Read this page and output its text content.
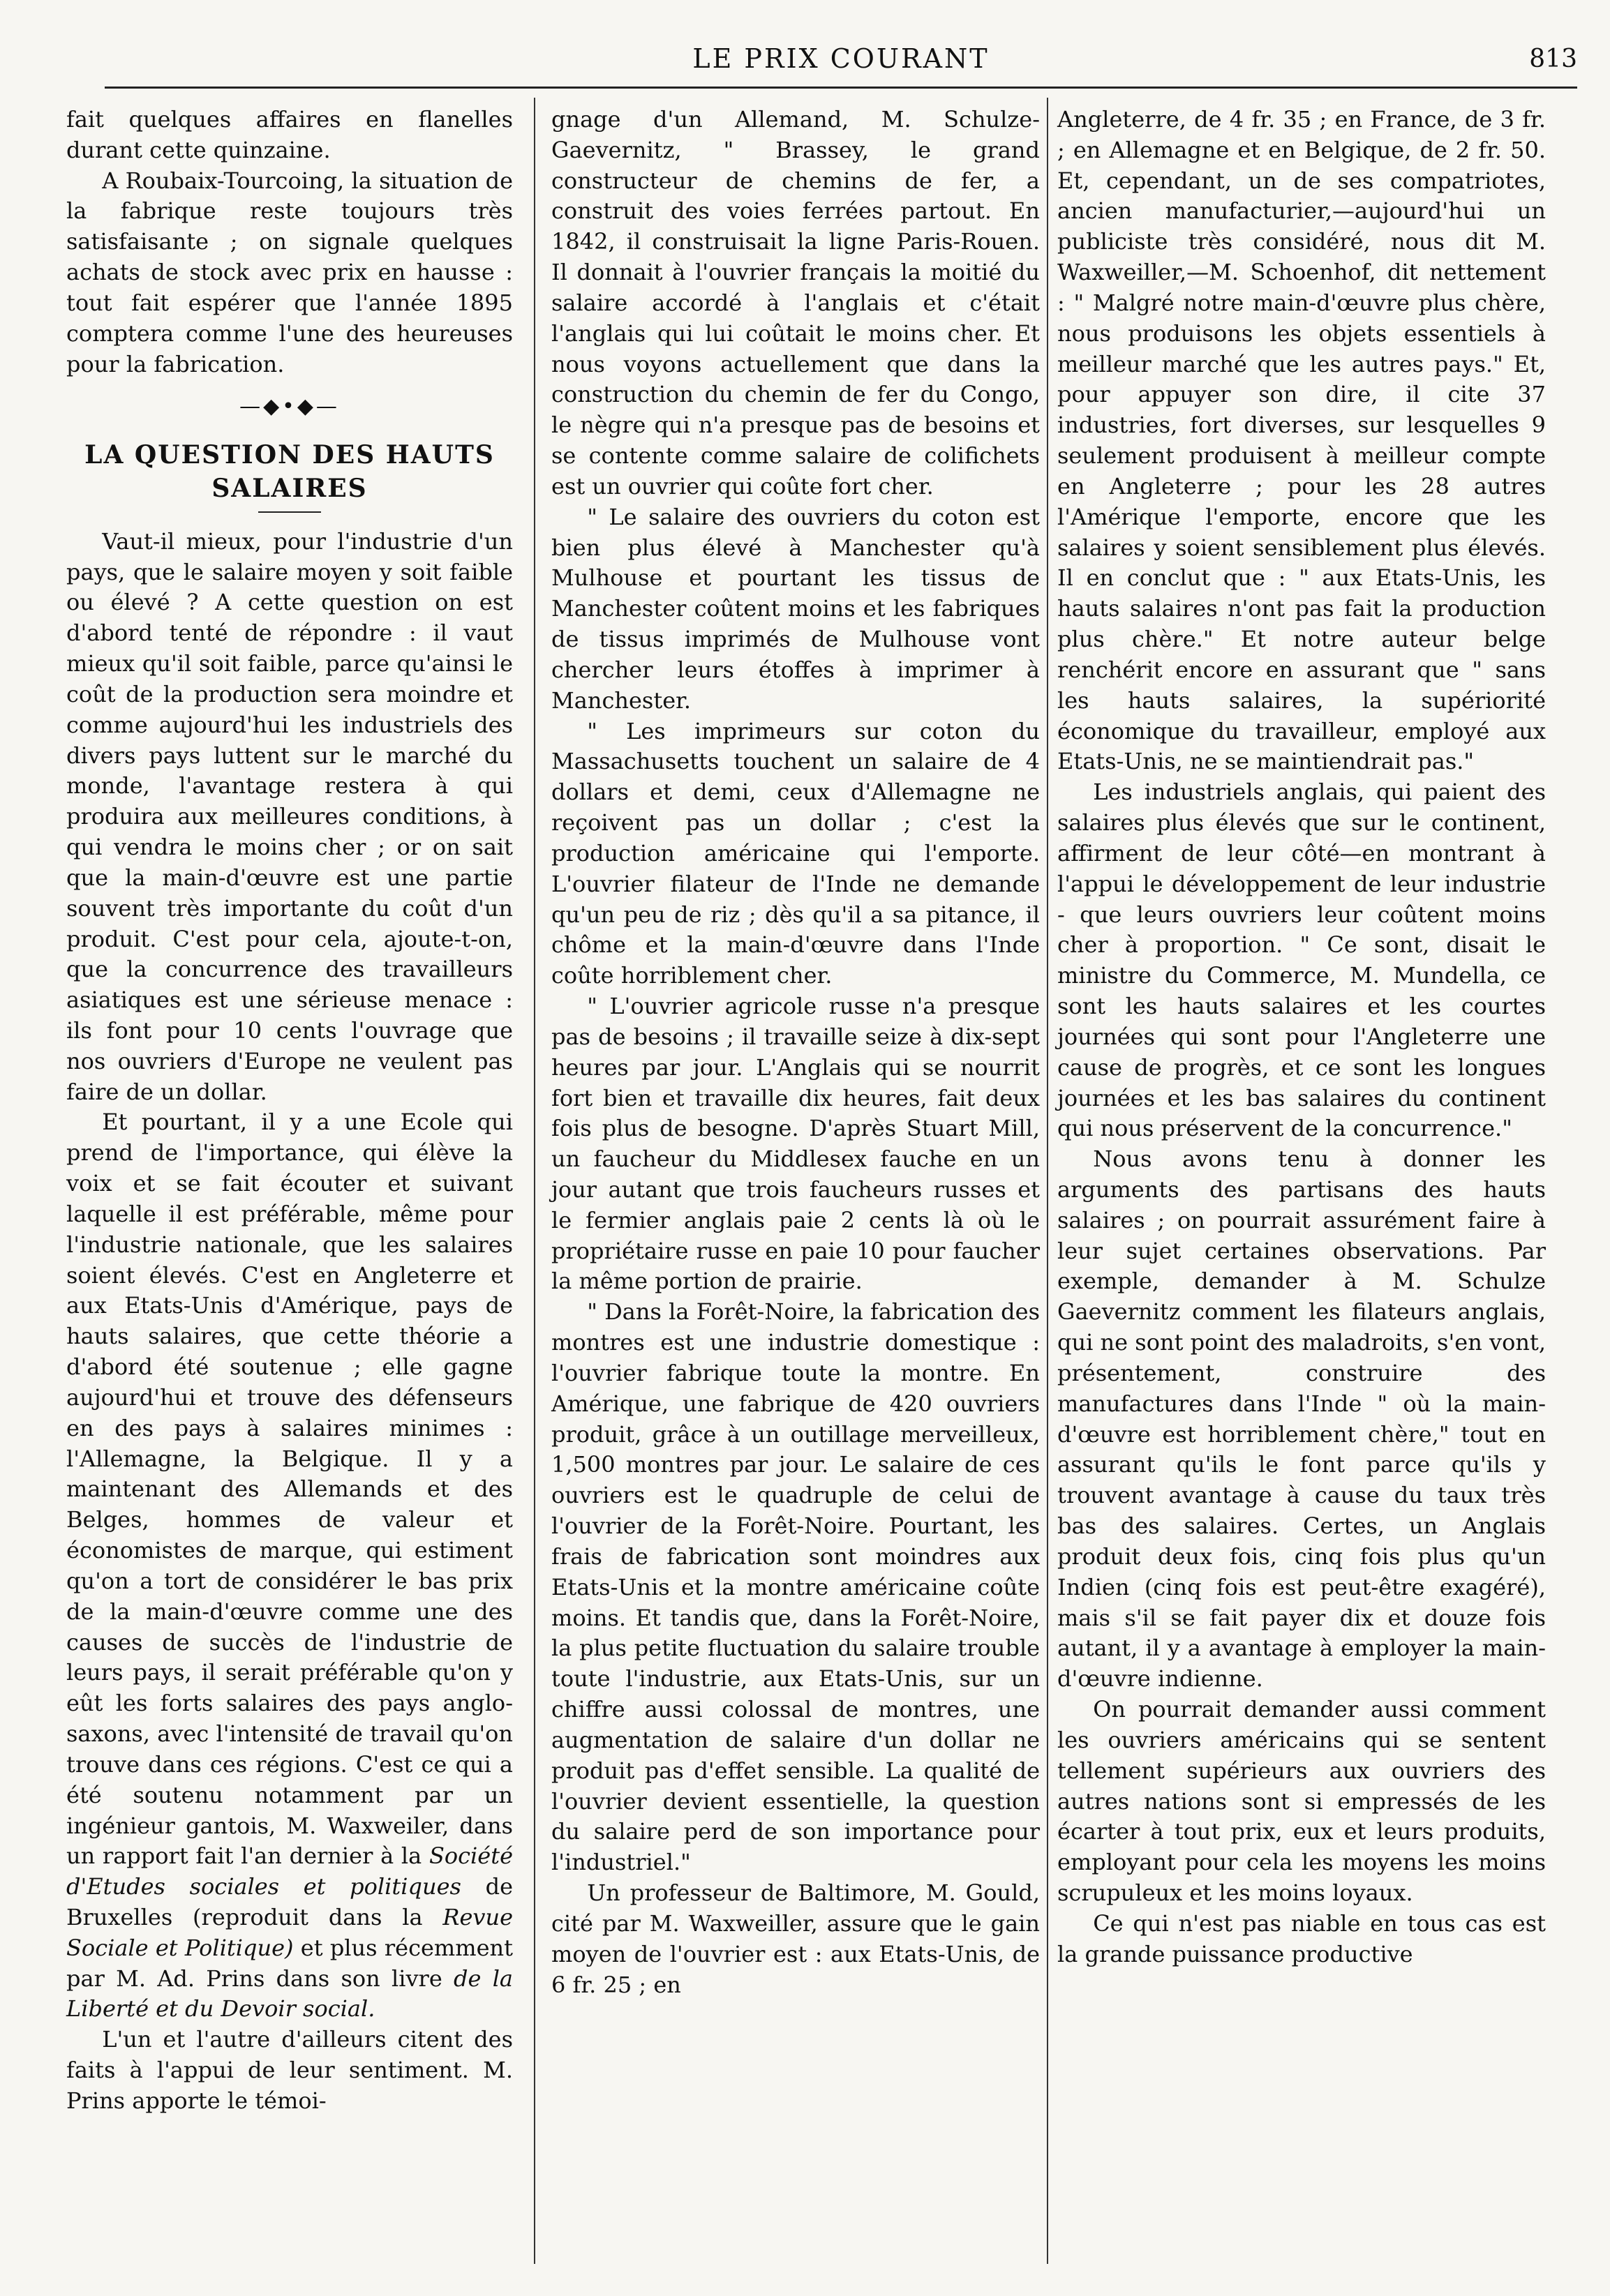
LE PRIX COURANT	813

fait quelques affaires en flanelles durant cette quinzaine.

A Roubaix-Tourcoing, la situation de la fabrique reste toujours très satisfaisante ; on signale quelques achats de stock avec prix en hausse : tout fait espérer que l'année 1895 comptera comme l'une des heureuses pour la fabrication.

—◆•◆—
LA QUESTION DES HAUTS SALAIRES

Vaut-il mieux, pour l'industrie d'un pays, que le salaire moyen y soit faible ou élevé ? A cette question on est d'abord tenté de répondre : il vaut mieux qu'il soit faible, parce qu'ainsi le coût de la production sera moindre et comme aujourd'hui les industriels des divers pays luttent sur le marché du monde, l'avantage restera à qui produira aux meilleures conditions, à qui vendra le moins cher ; or on sait que la main-d'œuvre est une partie souvent très importante du coût d'un produit. C'est pour cela, ajoute-t-on, que la concurrence des travailleurs asiatiques est une sérieuse menace : ils font pour 10 cents l'ouvrage que nos ouvriers d'Europe ne veulent pas faire de un dollar.

Et pourtant, il y a une Ecole qui prend de l'importance, qui élève la voix et se fait écouter et suivant laquelle il est préférable, même pour l'industrie nationale, que les salaires soient élevés. C'est en Angleterre et aux Etats-Unis d'Amérique, pays de hauts salaires, que cette théorie a d'abord été soutenue ; elle gagne aujourd'hui et trouve des défenseurs en des pays à salaires minimes : l'Allemagne, la Belgique. Il y a maintenant des Allemands et des Belges, hommes de valeur et économistes de marque, qui estiment qu'on a tort de considérer le bas prix de la main-d'œuvre comme une des causes de succès de l'industrie de leurs pays, il serait préférable qu'on y eût les forts salaires des pays anglo-saxons, avec l'intensité de travail qu'on trouve dans ces régions. C'est ce qui a été soutenu notamment par un ingénieur gantois, M. Waxweiler, dans un rapport fait l'an dernier à la Société d'Etudes sociales et politiques de Bruxelles (reproduit dans la Revue Sociale et Politique) et plus récemment par M. Ad. Prins dans son livre de la Liberté et du Devoir social.

L'un et l'autre d'ailleurs citent des faits à l'appui de leur sentiment. M. Prins apporte le témoi-

gnage d'un Allemand, M. Schulze-Gaevernitz, " Brassey, le grand constructeur de chemins de fer, a construit des voies ferrées partout. En 1842, il construisait la ligne Paris-Rouen. Il donnait à l'ouvrier français la moitié du salaire accordé à l'anglais et c'était l'anglais qui lui coûtait le moins cher. Et nous voyons actuellement que dans la construction du chemin de fer du Congo, le nègre qui n'a presque pas de besoins et se contente comme salaire de colifichets est un ouvrier qui coûte fort cher.

" Le salaire des ouvriers du coton est bien plus élevé à Manchester qu'à Mulhouse et pourtant les tissus de Manchester coûtent moins et les fabriques de tissus imprimés de Mulhouse vont chercher leurs étoffes à imprimer à Manchester.

" Les imprimeurs sur coton du Massachusetts touchent un salaire de 4 dollars et demi, ceux d'Allemagne ne reçoivent pas un dollar ; c'est la production américaine qui l'emporte. L'ouvrier filateur de l'Inde ne demande qu'un peu de riz ; dès qu'il a sa pitance, il chôme et la main-d'œuvre dans l'Inde coûte horriblement cher.

" L'ouvrier agricole russe n'a presque pas de besoins ; il travaille seize à dix-sept heures par jour. L'Anglais qui se nourrit fort bien et travaille dix heures, fait deux fois plus de besogne. D'après Stuart Mill, un faucheur du Middlesex fauche en un jour autant que trois faucheurs russes et le fermier anglais paie 2 cents là où le propriétaire russe en paie 10 pour faucher la même portion de prairie.

" Dans la Forêt-Noire, la fabrication des montres est une industrie domestique : l'ouvrier fabrique toute la montre. En Amérique, une fabrique de 420 ouvriers produit, grâce à un outillage merveilleux, 1,500 montres par jour. Le salaire de ces ouvriers est le quadruple de celui de l'ouvrier de la Forêt-Noire. Pourtant, les frais de fabrication sont moindres aux Etats-Unis et la montre américaine coûte moins. Et tandis que, dans la Forêt-Noire, la plus petite fluctuation du salaire trouble toute l'industrie, aux Etats-Unis, sur un chiffre aussi colossal de montres, une augmentation de salaire d'un dollar ne produit pas d'effet sensible. La qualité de l'ouvrier devient essentielle, la question du salaire perd de son importance pour l'industriel."

Un professeur de Baltimore, M. Gould, cité par M. Waxweiller, assure que le gain moyen de l'ouvrier est : aux Etats-Unis, de 6 fr. 25 ; en

Angleterre, de 4 fr. 35 ; en France, de 3 fr. ; en Allemagne et en Belgique, de 2 fr. 50. Et, cependant, un de ses compatriotes, ancien manufacturier,—aujourd'hui un publiciste très considéré, nous dit M. Waxweiller,—M. Schoenhof, dit nettement : " Malgré notre main-d'œuvre plus chère, nous produisons les objets essentiels à meilleur marché que les autres pays." Et, pour appuyer son dire, il cite 37 industries, fort diverses, sur lesquelles 9 seulement produisent à meilleur compte en Angleterre ; pour les 28 autres l'Amérique l'emporte, encore que les salaires y soient sensiblement plus élevés. Il en conclut que : " aux Etats-Unis, les hauts salaires n'ont pas fait la production plus chère." Et notre auteur belge renchérit encore en assurant que " sans les hauts salaires, la supériorité économique du travailleur, employé aux Etats-Unis, ne se maintiendrait pas."

Les industriels anglais, qui paient des salaires plus élevés que sur le continent, affirment de leur côté—en montrant à l'appui le développement de leur industrie - que leurs ouvriers leur coûtent moins cher à proportion. " Ce sont, disait le ministre du Commerce, M. Mundella, ce sont les hauts salaires et les courtes journées qui sont pour l'Angleterre une cause de progrès, et ce sont les longues journées et les bas salaires du continent qui nous préservent de la concurrence."

Nous avons tenu à donner les arguments des partisans des hauts salaires ; on pourrait assurément faire à leur sujet certaines observations. Par exemple, demander à M. Schulze Gaevernitz comment les filateurs anglais, qui ne sont point des maladroits, s'en vont, présentement, construire des manufactures dans l'Inde " où la main-d'œuvre est horriblement chère," tout en assurant qu'ils le font parce qu'ils y trouvent avantage à cause du taux très bas des salaires. Certes, un Anglais produit deux fois, cinq fois plus qu'un Indien (cinq fois est peut-être exagéré), mais s'il se fait payer dix et douze fois autant, il y a avantage à employer la main-d'œuvre indienne.

On pourrait demander aussi comment les ouvriers américains qui se sentent tellement supérieurs aux ouvriers des autres nations sont si empressés de les écarter à tout prix, eux et leurs produits, employant pour cela les moyens les moins scrupuleux et les moins loyaux.

Ce qui n'est pas niable en tous cas est la grande puissance productive
